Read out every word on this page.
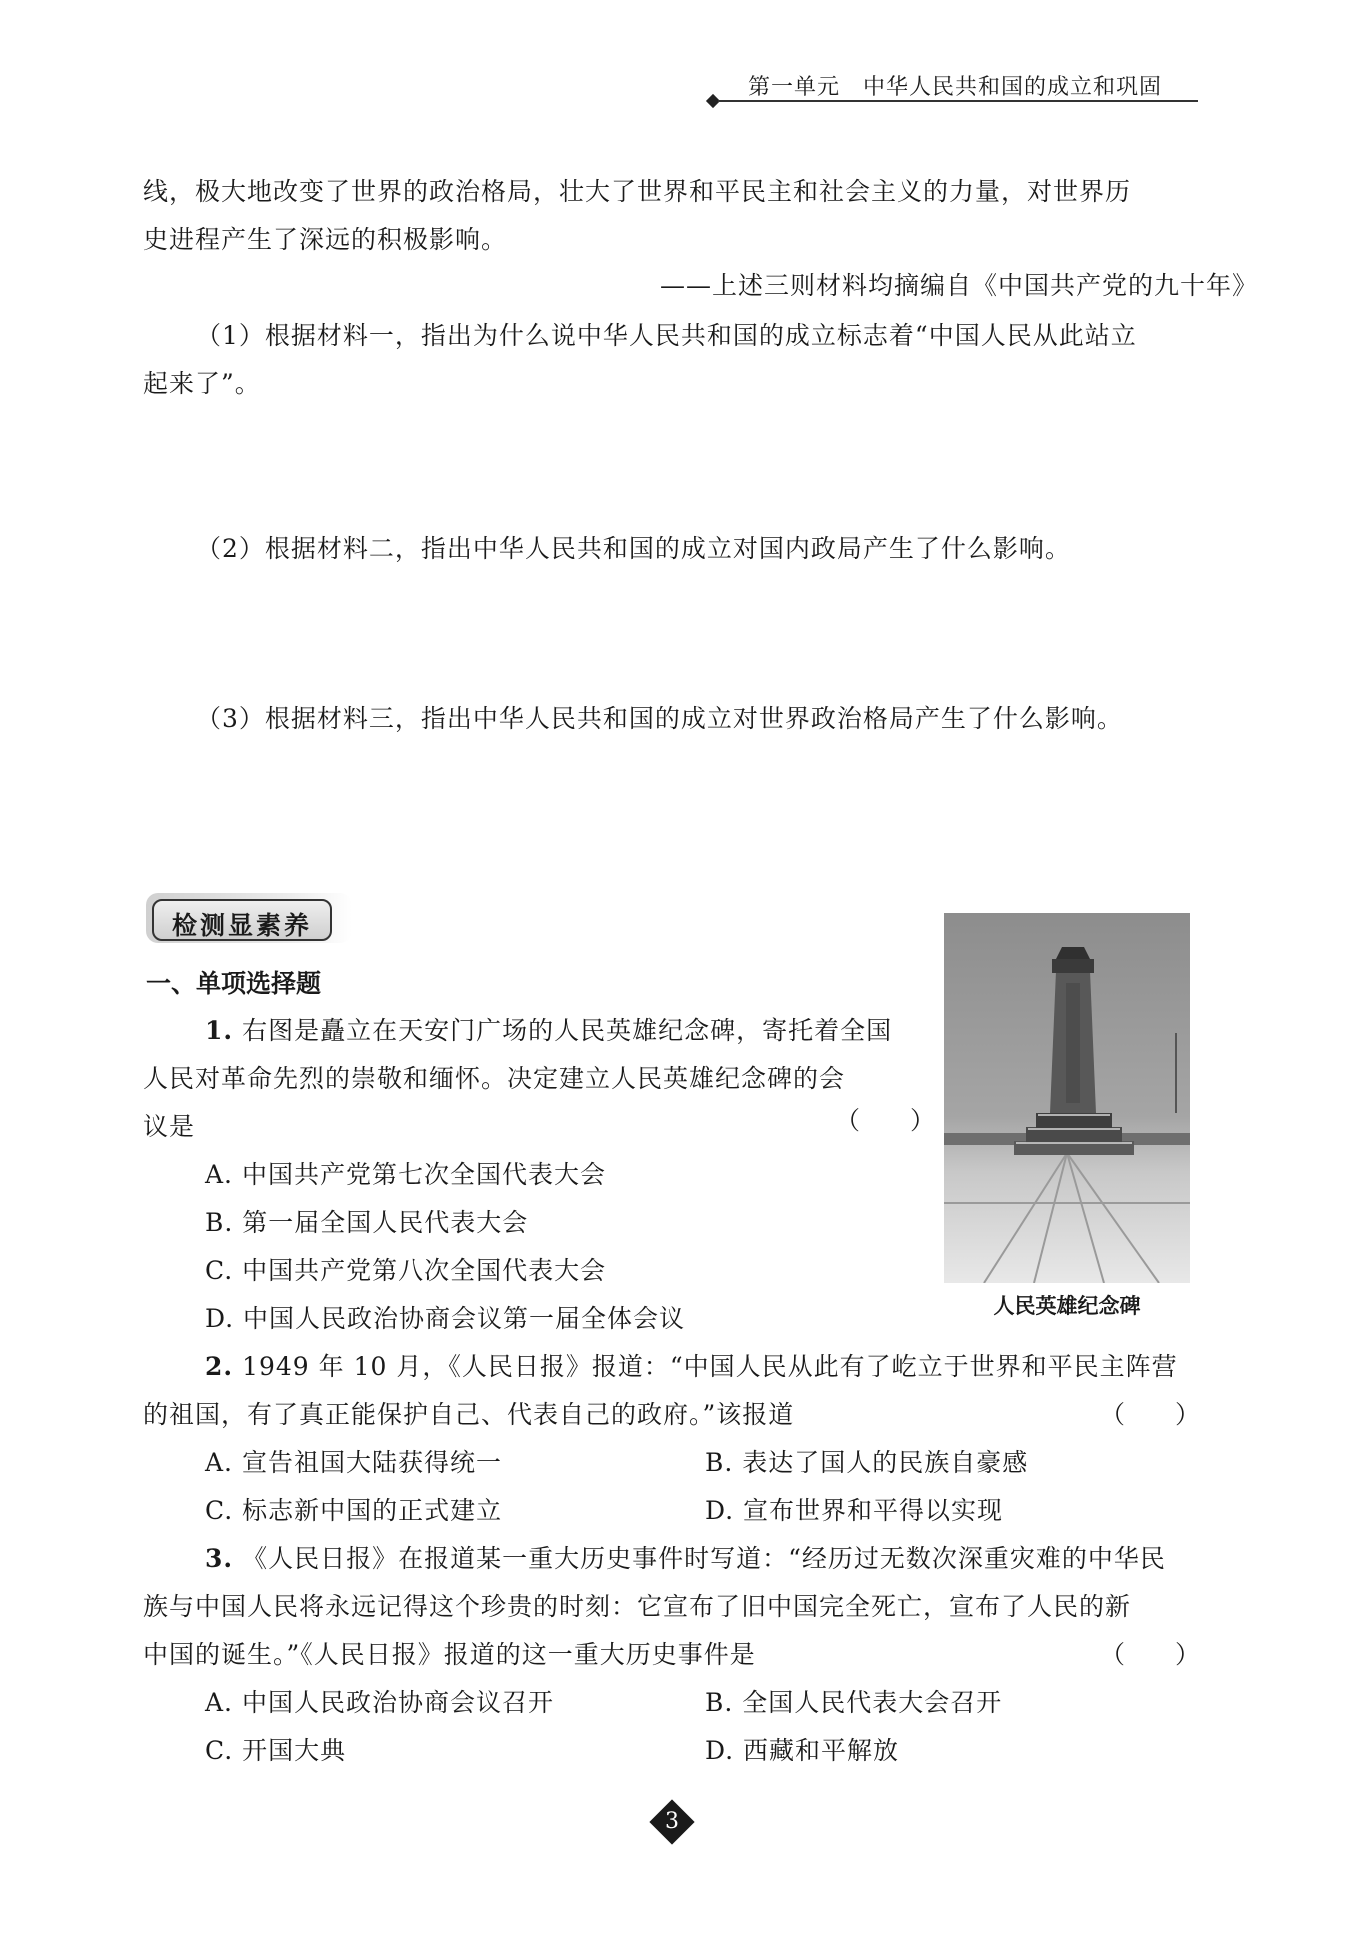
第一单元　中华人民共和国的成立和巩固
线，极大地改变了世界的政治格局，壮大了世界和平民主和社会主义的力量，对世界历
史进程产生了深远的积极影响。
——上述三则材料均摘编自《中国共产党的九十年》
（1）根据材料一，指出为什么说中华人民共和国的成立标志着“中国人民从此站立
起来了”。
（2）根据材料二，指出中华人民共和国的成立对国内政局产生了什么影响。
（3）根据材料三，指出中华人民共和国的成立对世界政治格局产生了什么影响。
检测显素养
一、单项选择题
1. 右图是矗立在天安门广场的人民英雄纪念碑，寄托着全国
人民对革命先烈的崇敬和缅怀。决定建立人民英雄纪念碑的会
议是	（　　）
A. 中国共产党第七次全国代表大会
B. 第一届全国人民代表大会
C. 中国共产党第八次全国代表大会
D. 中国人民政治协商会议第一届全体会议	人民英雄纪念碑
2. 1949 年 10 月，《人民日报》报道：“中国人民从此有了屹立于世界和平民主阵营
的祖国，有了真正能保护自己、代表自己的政府。”该报道	（　　）
A. 宣告祖国大陆获得统一	B. 表达了国人的民族自豪感
C. 标志新中国的正式建立	D. 宣布世界和平得以实现
3. 《人民日报》在报道某一重大历史事件时写道：“经历过无数次深重灾难的中华民
族与中国人民将永远记得这个珍贵的时刻：它宣布了旧中国完全死亡，宣布了人民的新
中国的诞生。”《人民日报》报道的这一重大历史事件是	（　　）
A. 中国人民政治协商会议召开	B. 全国人民代表大会召开
C. 开国大典	D. 西藏和平解放
3
